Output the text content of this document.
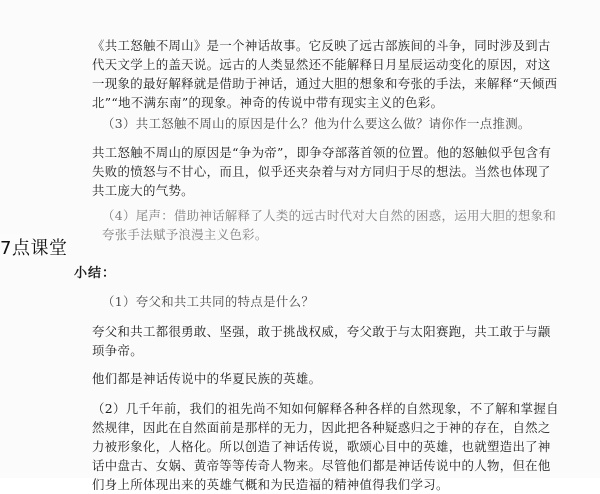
《共工怒触不周山》是一个神话故事。它反映了远古部族间的斗争，同时涉及到古代天文学上的盖天说。远古的人类显然还不能解释日月星辰运动变化的原因，对这一现象的最好解释就是借助于神话，通过大胆的想象和夸张的手法，来解释“天倾西北”“地不满东南”的现象。神奇的传说中带有现实主义的色彩。

（3）共工怒触不周山的原因是什么？他为什么要这么做？请你作一点推测。

共工怒触不周山的原因是“争为帝”，即争夺部落首领的位置。他的怒触似乎包含有失败的愤怒与不甘心，而且，似乎还夹杂着与对方同归于尽的想法。当然也体现了共工庞大的气势。

（4）尾声：借助神话解释了人类的远古时代对大自然的困惑，运用大胆的想象和夸张手法赋予浪漫主义色彩。

小结：

（1）夸父和共工共同的特点是什么？

夸父和共工都很勇敢、坚强，敢于挑战权威，夸父敢于与太阳赛跑，共工敢于与颛顼争帝。

他们都是神话传说中的华夏民族的英雄。

（2）几千年前，我们的祖先尚不知如何解释各种各样的自然现象，不了解和掌握自然规律，因此在自然面前是那样的无力，因此把各种疑惑归之于神的存在，自然之力被形象化，人格化。所以创造了神话传说，歌颂心目中的英雄，也就塑造出了神话中盘古、女娲、黄帝等等传奇人物来。尽管他们都是神话传说中的人物，但在他们身上所体现出来的英雄气概和为民造福的精神值得我们学习。

7点课堂
